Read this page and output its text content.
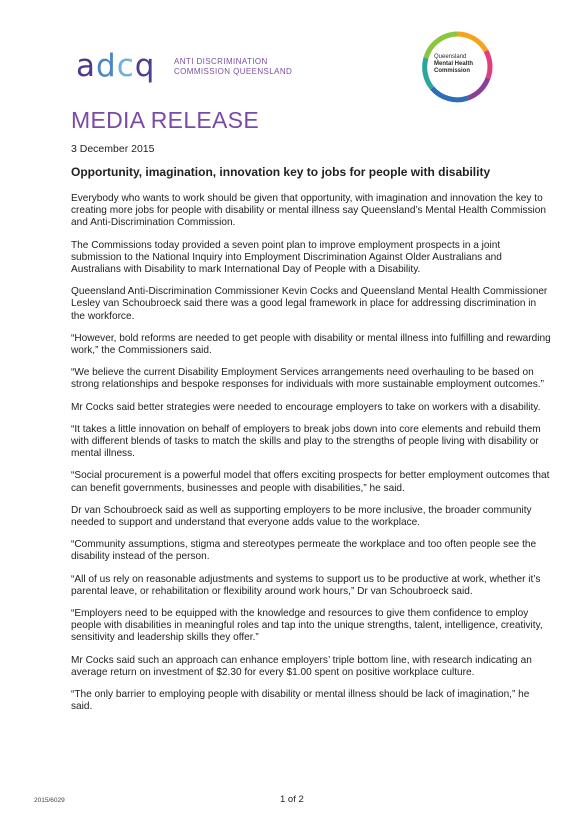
adcq ANTI DISCRIMINATION
COMMISSION QUEENSLAND
Queensland
Mental Health
Commission
MEDIA RELEASE
3 December 2015
Opportunity, imagination, innovation key to jobs for people with disability

Everybody who wants to work should be given that opportunity, with imagination and innovation the key to creating more jobs for people with disability or mental illness say Queensland’s Mental Health Commission and Anti-Discrimination Commission.

The Commissions today provided a seven point plan to improve employment prospects in a joint submission to the National Inquiry into Employment Discrimination Against Older Australians and Australians with Disability to mark International Day of People with a Disability.

Queensland Anti-Discrimination Commissioner Kevin Cocks and Queensland Mental Health Commissioner Lesley van Schoubroeck said there was a good legal framework in place for addressing discrimination in the workforce.

“However, bold reforms are needed to get people with disability or mental illness into fulfilling and rewarding work,” the Commissioners said.

“We believe the current Disability Employment Services arrangements need overhauling to be based on strong relationships and bespoke responses for individuals with more sustainable employment outcomes.”

Mr Cocks said better strategies were needed to encourage employers to take on workers with a disability.

“It takes a little innovation on behalf of employers to break jobs down into core elements and rebuild them with different blends of tasks to match the skills and play to the strengths of people living with disability or mental illness.

“Social procurement is a powerful model that offers exciting prospects for better employment outcomes that can benefit governments, businesses and people with disabilities,” he said.

Dr van Schoubroeck said as well as supporting employers to be more inclusive, the broader community needed to support and understand that everyone adds value to the workplace.

“Community assumptions, stigma and stereotypes permeate the workplace and too often people see the disability instead of the person.

“All of us rely on reasonable adjustments and systems to support us to be productive at work, whether it’s parental leave, or rehabilitation or flexibility around work hours,” Dr van Schoubroeck said.

“Employers need to be equipped with the knowledge and resources to give them confidence to employ people with disabilities in meaningful roles and tap into the unique strengths, talent, intelligence, creativity, sensitivity and leadership skills they offer.”

Mr Cocks said such an approach can enhance employers’ triple bottom line, with research indicating an average return on investment of $2.30 for every $1.00 spent on positive workplace culture.

“The only barrier to employing people with disability or mental illness should be lack of imagination,” he said.

2015/6029	1 of 2
